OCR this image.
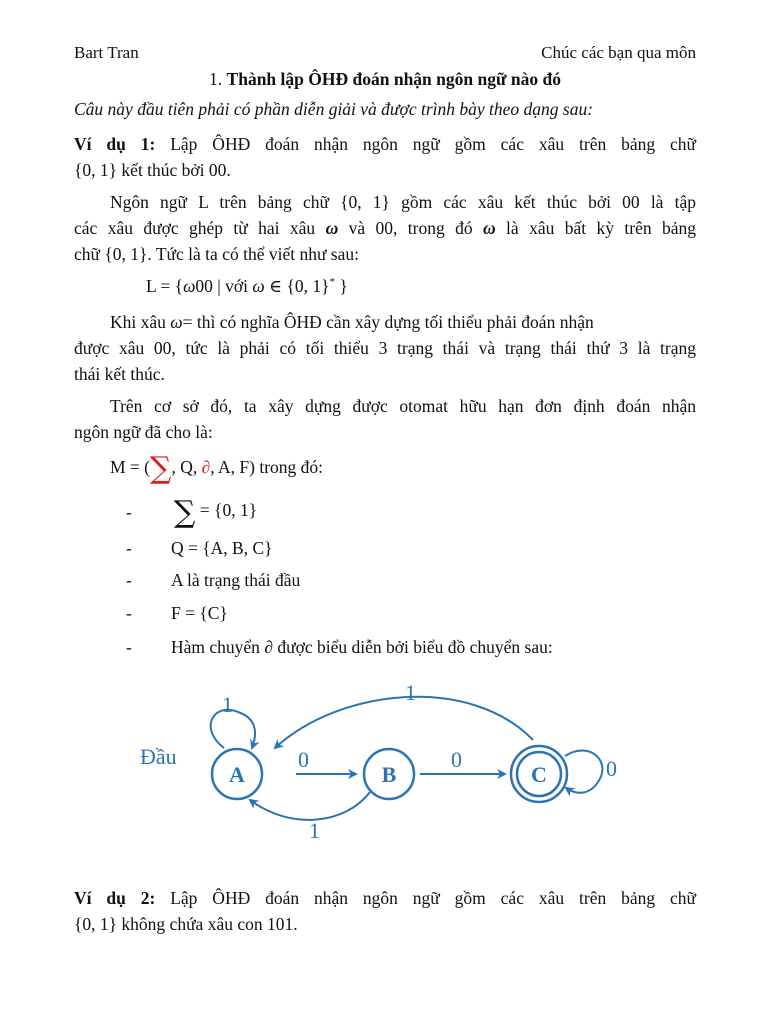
Bart Tran	Chúc các bạn qua môn
1. Thành lập ÔHĐ đoán nhận ngôn ngữ nào đó
Câu này đầu tiên phải có phần diễn giải và được trình bày theo dạng sau:
Ví dụ 1: Lập ÔHĐ đoán nhận ngôn ngữ gồm các xâu trên bảng chữ
{0, 1} kết thúc bởi 00.
Ngôn ngữ L trên bảng chữ {0, 1} gồm các xâu kết thúc bởi 00 là tập
các xâu được ghép từ hai xâu ω và 00, trong đó ω là xâu bất kỳ trên bảng
chữ {0, 1}. Tức là ta có thể viết như sau:
L = {ω00 | với ω ∈ {0, 1}* }
Khi xâu ω= thì có nghĩa ÔHĐ cần xây dựng tối thiểu phải đoán nhận
được xâu 00, tức là phải có tối thiểu 3 trạng thái và trạng thái thứ 3 là trạng
thái kết thúc.
Trên cơ sở đó, ta xây dựng được otomat hữu hạn đơn định đoán nhận
ngôn ngữ đã cho là:
M = (∑, Q, ∂, A, F) trong đó:
- ∑ = {0, 1}
- Q = {A, B, C}
- A là trạng thái đầu
- F = {C}
- Hàm chuyển ∂ được biểu diễn bởi biểu đồ chuyển sau:
1	1
Đầu
A
0
B
0
C	0
1
Ví dụ 2: Lập ÔHĐ đoán nhận ngôn ngữ gồm các xâu trên bảng chữ
{0, 1} không chứa xâu con 101.
